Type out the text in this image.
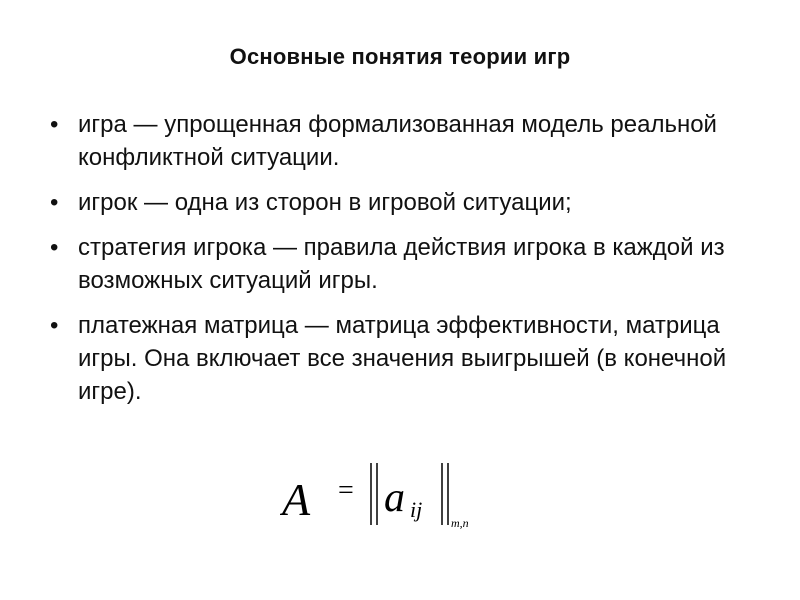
Основные понятия теории игр
• игра — упрощенная формализованная модель реальной конфликтной ситуации.
• игрок — одна из сторон в игровой ситуации;
• стратегия игрока — правила действия игрока в каждой из возможных ситуаций игры.
• платежная матрица — матрица эффективности, матрица игры. Она включает все значения выигрышей (в конечной игре).
A = a ij
m,n
